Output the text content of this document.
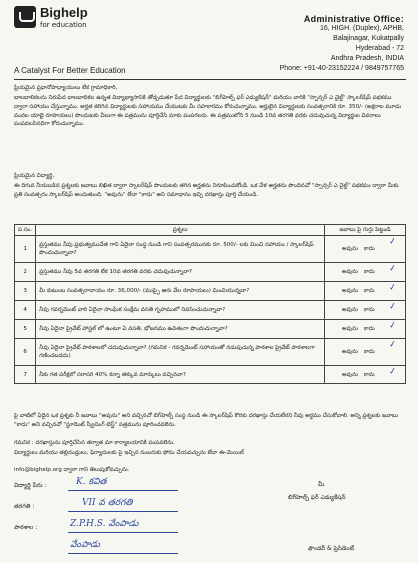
Bighelp
for education
A Catalyst For Better Education
Administrative Office:
16, HIGH. (Duplex), APHB,
Balajinagar, Kukatpally
Hyderabad - 72
Andhra Pradesh, INDIA
Phone: +91-40-23152224 / 9849757765
ప్రియమైన ప్రధానోపాధ్యాయులు లేక గ్రామాధికారి,
బాలబాలికలను నిరుపేద బాలబాలికల ఉన్నత విద్యాభ్యాసానికి తోడ్పడుతూ పేద విద్యార్థులకు "బిగ్‌హెల్ప్ ఫర్ ఎడ్యుకేషన్" మరియు వారికి "స్పాన్సర్ ఎ చైల్డ్" స్కాలర్‌షిప్ పథకము ద్వారా సహాయం చేస్తున్నాము. అర్హత కలిగిన విద్యార్థులకు సహాయము చేయుటకు మీ సహకారము కోరుచున్నాము. అర్హులైన విద్యార్థులకు సంవత్సరానికి రూ. 350/- (అక్షరాల మూడు వందల యాభై రూపాయలు) పొందుటకు వీలుగా ఈ పత్రమును పూర్తిచేసి మాకు పంపగలరు. ఈ పత్రములోని 5 నుండి 10వ తరగతి వరకు చదువుచున్న విద్యార్థుల వివరాలు పంపవలసినదిగా కోరుచున్నాము.
ప్రియమైన విద్యార్థి,
ఈ దిగువ నీయబడిన ప్రశ్నలకు జవాబు లిఖిత ద్వారా స్కాలర్‌షిప్ పొందుటకు తగిన అర్హతను నిరూపించుకోండి. ఒక వేళ అర్హతను పొందినచో "స్పాన్సర్ ఎ చైల్డ్" పథకము ద్వారా మీకు ప్రతి సంవత్సరం స్కాలర్‌షిప్ అందుతుంది. "అవును" లేదా "కాదు" అని సమాధానం ఇచ్చి దరఖాస్తు పూర్తి చేయండి.
ప.సం.	ప్రశ్నలు	జవాబు పై గుర్తు పెట్టండి
1	ప్రస్తుతము నీవు ప్రభుత్వముచేత గాని ఏదైనా సంస్థ నుండి గాని సంవత్సరమునకు రూ. 500/- లకు మించి సహాయం / స్కాలర్‌షిప్ పొందుచున్నావా?	అవును కాదు
✓

2	ప్రస్తుతము నీవు 5వ తరగతి లేక 10వ తరగతి వరకు చదువుచున్నావా?	అవును కాదు ✓

3	మీ కుటుంబ సంవత్సరాదాయం రూ. 36,000/- (ముప్పై ఆరు వేల రూపాయలు) మించియున్నదా?	అవును కాదు ✓

4	నీవు గవర్నమెంట్ వారి ఏదైనా సాంఘిక సంక్షేమ వసతి గృహములో నివసించుచున్నావా?	అవును కాదు ✓

5	నీవు ఏదైనా ప్రైవేట్ హాస్టల్ లో ఉంటూ ఏ వసతి, భోజనము ఉచితంగా పొందుచున్నావా?	అవును కాదు ✓

6	నీవు ఏదైనా ప్రైవేట్ పాఠశాలలో చదువుచున్నావా? (గమనిక - గవర్నమెంట్ సహాయంతో నడుపుచున్న పాఠశాల ప్రైవేట్ పాఠశాలగా గణించబడదు)	అవును కాదు
✓

7	నీకు గత పరీక్షలో సరాసరి 40% కన్నా తక్కువ మార్కులు వచ్చినవా?	అవును కాదు ✓
పై వాటిలో ఏదైన ఒక ప్రశ్నకు నీ జవాబు "అవును" అని వచ్చినచో బిగ్‌హెల్ప్ సంస్థ నుండి ఈ స్కాలర్‌షిప్ కొరకు దరఖాస్తు చేయలేరని నీవు అర్థము చేసుకోవాలి. అన్ని ప్రశ్నలకు జవాబు "కాదు" అని వచ్చినచో "స్టూడెంట్ స్క్రీనింగ్ టెస్ట్" పత్రమును పూరించవలెను.
గమనిక : దరఖాస్తును పూర్తిచేసిన తర్వాత మా కార్యాలయానికి పంపవలెను.
విద్యార్థులు మరియు తల్లిదండ్రులు, ఫిర్యాదులకు పై ఇచ్చిన నంబరుకు ఫోను చేయవచ్చును లేదా ఈ-మెయిల్
info@bighelp.org ద్వారా గాని తెలుపుకోవచ్చును.
విద్యార్థి పేరు :	K. కవిత
తరగతి :	VII వ తరగతి
పాఠశాల :	Z.P.H.S. వేంపాడు
వేంపాడు
మీ
బిగ్‌హెల్ప్ ఫర్ ఎడ్యుకేషన్
ఫౌండర్ & ప్రెసిడెంట్
